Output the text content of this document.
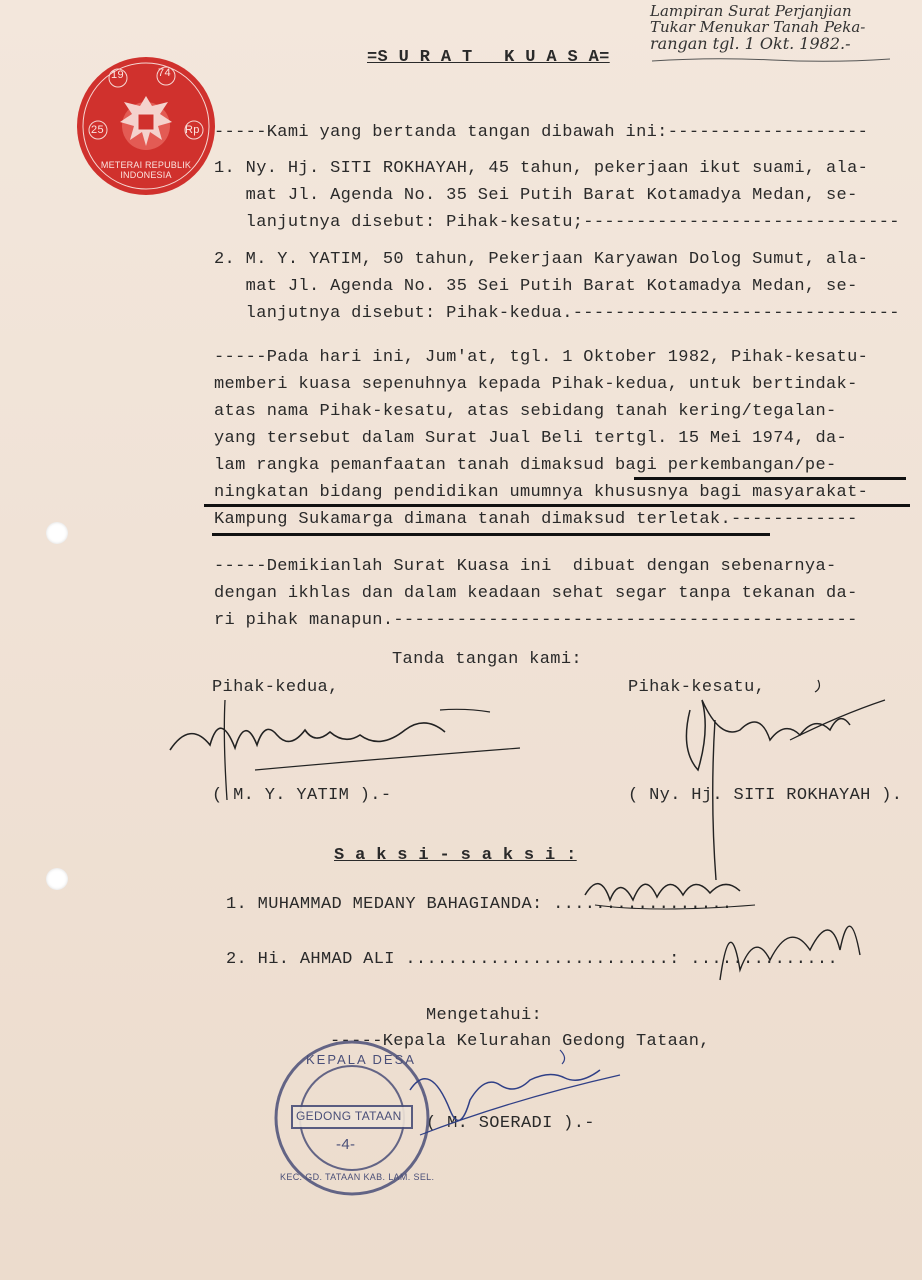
Lampiran Surat Perjanjian
Tukar Menukar Tanah Peka-
rangan tgl. 1 Okt. 1982.-
19	74
25	Rp
METERAI REPUBLIK INDONESIA
=S U R A T   K U A S A=
-----Kami yang bertanda tangan dibawah ini:-------------------
1. Ny. Hj. SITI ROKHAYAH, 45 tahun, pekerjaan ikut suami, ala-
mat Jl. Agenda No. 35 Sei Putih Barat Kotamadya Medan, se-
lanjutnya disebut: Pihak-kesatu;------------------------------
2. M. Y. YATIM, 50 tahun, Pekerjaan Karyawan Dolog Sumut, ala-
mat Jl. Agenda No. 35 Sei Putih Barat Kotamadya Medan, se-
lanjutnya disebut: Pihak-kedua.-------------------------------
-----Pada hari ini, Jum'at, tgl. 1 Oktober 1982, Pihak-kesatu-
memberi kuasa sepenuhnya kepada Pihak-kedua, untuk bertindak-
atas nama Pihak-kesatu, atas sebidang tanah kering/tegalan-
yang tersebut dalam Surat Jual Beli tertgl. 15 Mei 1974, da-
lam rangka pemanfaatan tanah dimaksud bagi perkembangan/pe-
ningkatan bidang pendidikan umumnya khususnya bagi masyarakat-
Kampung Sukamarga dimana tanah dimaksud terletak.------------
-----Demikianlah Surat Kuasa ini  dibuat dengan sebenarnya-
dengan ikhlas dan dalam keadaan sehat segar tanpa tekanan da-
ri pihak manapun.--------------------------------------------
Tanda tangan kami:
Pihak-kedua,	Pihak-kesatu,
( M. Y. YATIM ).-	( Ny. Hj. SITI ROKHAYAH ).
S a k s i - s a k s i :
1. MUHAMMAD MEDANY BAHAGIANDA: .................
2. Hi. AHMAD ALI .........................: ..............
Mengetahui:
-----Kepala Kelurahan Gedong Tataan,
( M. SOERADI ).-
KEPALA DESA
GEDONG TATAAN
-4-
KEC. GD. TATAAN KAB. LAM. SEL.
